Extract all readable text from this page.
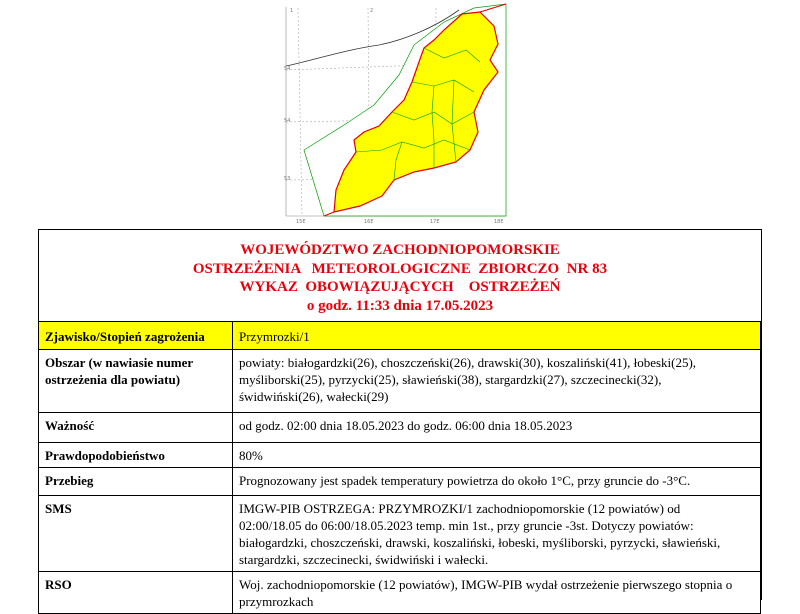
1	2
54
54
53
15E	16E	17E	18E
WOJEWÓDZTWO ZACHODNIOPOMORSKIE
OSTRZEŻENIA   METEOROLOGICZNE  ZBIORCZO  NR 83
WYKAZ  OBOWIĄZUJĄCYCH    OSTRZEŻEŃ
o godz. 11:33 dnia 17.05.2023
Zjawisko/Stopień zagrożenia	Przymrozki/1
Obszar (w nawiasie numer
ostrzeżenia dla powiatu)	powiaty: białogardzki(26), choszczeński(26), drawski(30), koszaliński(41), łobeski(25),
myśliborski(25), pyrzycki(25), sławieński(38), stargardzki(27), szczecinecki(32),
świdwiński(26), wałecki(29)
Ważność	od godz. 02:00 dnia 18.05.2023 do godz. 06:00 dnia 18.05.2023
Prawdopodobieństwo	80%
Przebieg	Prognozowany jest spadek temperatury powietrza do około 1°C, przy gruncie do -3°C.
SMS	IMGW-PIB OSTRZEGA: PRZYMROZKI/1 zachodniopomorskie (12 powiatów) od
02:00/18.05 do 06:00/18.05.2023 temp. min 1st., przy gruncie -3st. Dotyczy powiatów:
białogardzki, choszczeński, drawski, koszaliński, łobeski, myśliborski, pyrzycki, sławieński,
stargardzki, szczecinecki, świdwiński i wałecki.
RSO	Woj. zachodniopomorskie (12 powiatów), IMGW-PIB wydał ostrzeżenie pierwszego stopnia o
przymrozkach
